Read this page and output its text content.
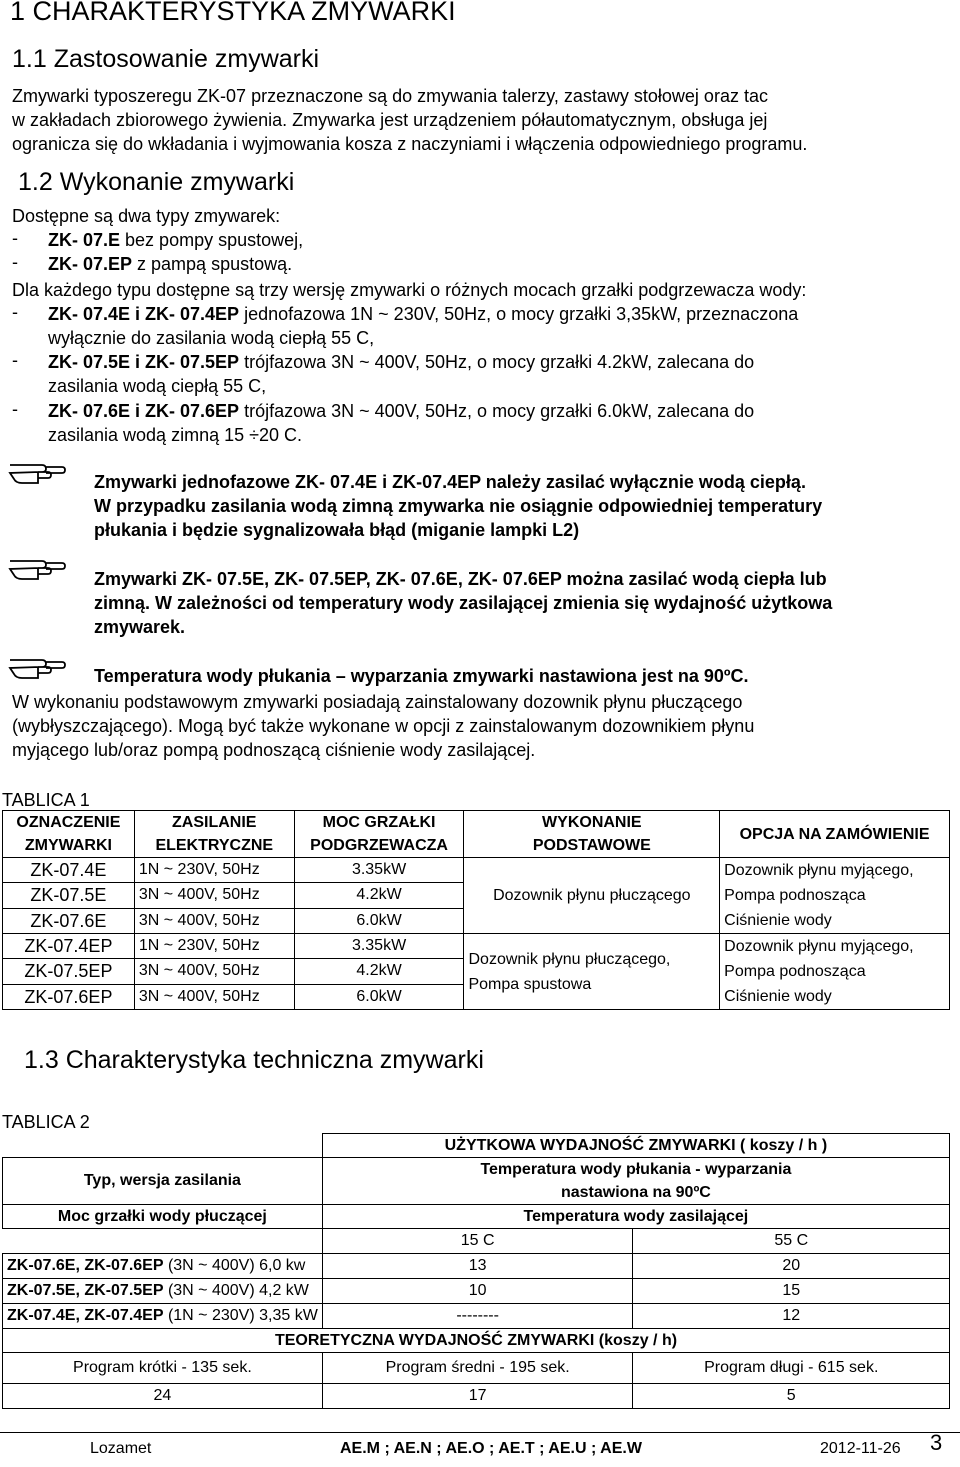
1 CHARAKTERYSTYKA ZMYWARKI
1.1 Zastosowanie zmywarki
Zmywarki typoszeregu ZK-07 przeznaczone są do zmywania talerzy, zastawy stołowej oraz tac
w zakładach zbiorowego żywienia. Zmywarka jest urządzeniem półautomatycznym, obsługa jej
ogranicza się do wkładania i wyjmowania kosza z naczyniami i włączenia odpowiedniego programu.
1.2 Wykonanie zmywarki
Dostępne są dwa typy zmywarek:
- ZK- 07.E bez pompy spustowej,
- ZK- 07.EP z pampą spustową.
Dla każdego typu dostępne są trzy wersję zmywarki o różnych mocach grzałki podgrzewacza wody:
- ZK- 07.4E i ZK- 07.4EP jednofazowa 1N ~ 230V, 50Hz, o mocy grzałki 3,35kW, przeznaczona
wyłącznie do zasilania wodą ciepłą 55 C,
- ZK- 07.5E i ZK- 07.5EP trójfazowa 3N ~ 400V, 50Hz, o mocy grzałki 4.2kW, zalecana do
zasilania wodą ciepłą 55 C,
- ZK- 07.6E i ZK- 07.6EP trójfazowa 3N ~ 400V, 50Hz, o mocy grzałki 6.0kW, zalecana do
zasilania wodą zimną 15 ÷20 C.
Zmywarki jednofazowe ZK- 07.4E i ZK-07.4EP należy zasilać wyłącznie wodą ciepłą.
W przypadku zasilania wodą zimną zmywarka nie osiągnie odpowiedniej temperatury
płukania i będzie sygnalizowała błąd (miganie lampki L2)
Zmywarki ZK- 07.5E, ZK- 07.5EP, ZK- 07.6E, ZK- 07.6EP można zasilać wodą ciepła lub
zimną. W zależności od temperatury wody zasilającej zmienia się wydajność użytkowa
zmywarek.
Temperatura wody płukania – wyparzania zmywarki nastawiona jest na 90ºC.
W wykonaniu podstawowym zmywarki posiadają zainstalowany dozownik płynu płuczącego
(wybłyszczającego). Mogą być także wykonane w opcji z zainstalowanym dozownikiem płynu
myjącego lub/oraz pompą podnoszącą ciśnienie wody zasilającej.
TABLICA 1
OZNACZENIE
ZMYWARKI	ZASILANIE
ELEKTRYCZNE	MOC GRZAŁKI
PODGRZEWACZA	WYKONANIE
PODSTAWOWE	OPCJA NA ZAMÓWIENIE
ZK-07.4E	1N ~ 230V, 50Hz	3.35kW	Dozownik płynu płuczącego	Dozownik płynu myjącego,
Pompa podnosząca
Ciśnienie wody
ZK-07.5E	3N ~ 400V, 50Hz	4.2kW		
ZK-07.6E	3N ~ 400V, 50Hz	6.0kW		
ZK-07.4EP	1N ~ 230V, 50Hz	3.35kW	Dozownik płynu płuczącego,
Pompa spustowa	Dozownik płynu myjącego,
Pompa podnosząca
Ciśnienie wody
ZK-07.5EP	3N ~ 400V, 50Hz	4.2kW		
ZK-07.6EP	3N ~ 400V, 50Hz	6.0kW		
1.3 Charakterystyka techniczna zmywarki
TABLICA 2
	UŻYTKOWA WYDAJNOŚĆ ZMYWARKI ( koszy / h )	
Typ, wersja zasilania	Temperatura wody płukania - wyparzania
nastawiona na 90ºC	
Moc grzałki wody płuczącej	Temperatura wody zasilającej	
	15 C	55 C
ZK-07.6E, ZK-07.6EP (3N ~ 400V) 6,0 kw	13	20
ZK-07.5E, ZK-07.5EP (3N ~ 400V) 4,2 kW	10	15
ZK-07.4E, ZK-07.4EP (1N ~ 230V) 3,35 kW	--------	12
TEORETYCZNA WYDAJNOŚĆ ZMYWARKI (koszy / h)		
Program krótki - 135 sek.	Program średni - 195 sek.	Program długi - 615 sek.
24	17	5
Lozamet	AE.M ; AE.N ; AE.O ; AE.T ; AE.U ; AE.W	2012-11-26 3
